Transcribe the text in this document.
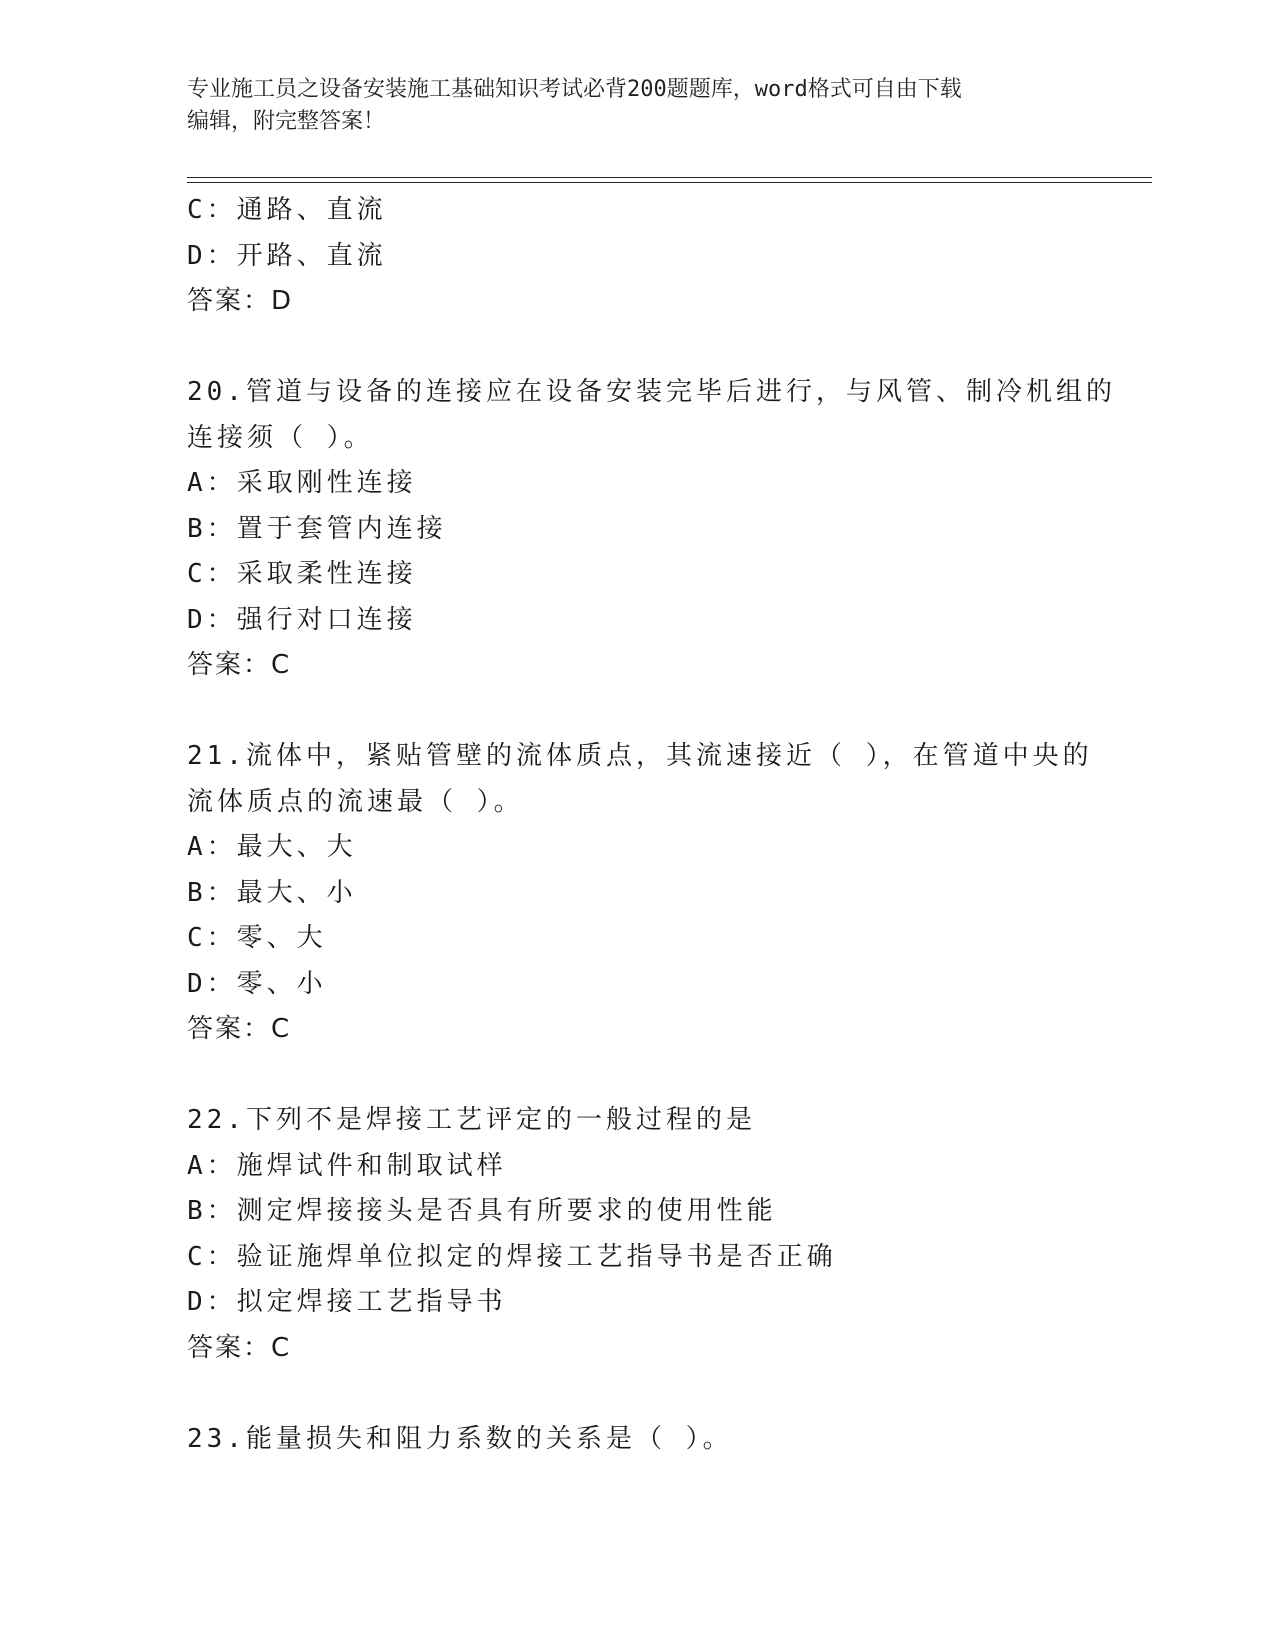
专业施工员之设备安装施工基础知识考试必背200题题库，word格式可自由下载
编辑，附完整答案！
C：通路、直流
D：开路、直流
答案：D
20.管道与设备的连接应在设备安装完毕后进行，与风管、制冷机组的
连接须（ ）。
A：采取刚性连接
B：置于套管内连接
C：采取柔性连接
D：强行对口连接
答案：C
21.流体中，紧贴管壁的流体质点，其流速接近（ ），在管道中央的
流体质点的流速最（ ）。
A：最大、大
B：最大、小
C：零、大
D：零、小
答案：C
22.下列不是焊接工艺评定的一般过程的是
A：施焊试件和制取试样
B：测定焊接接头是否具有所要求的使用性能
C：验证施焊单位拟定的焊接工艺指导书是否正确
D：拟定焊接工艺指导书
答案：C
23.能量损失和阻力系数的关系是（ ）。
